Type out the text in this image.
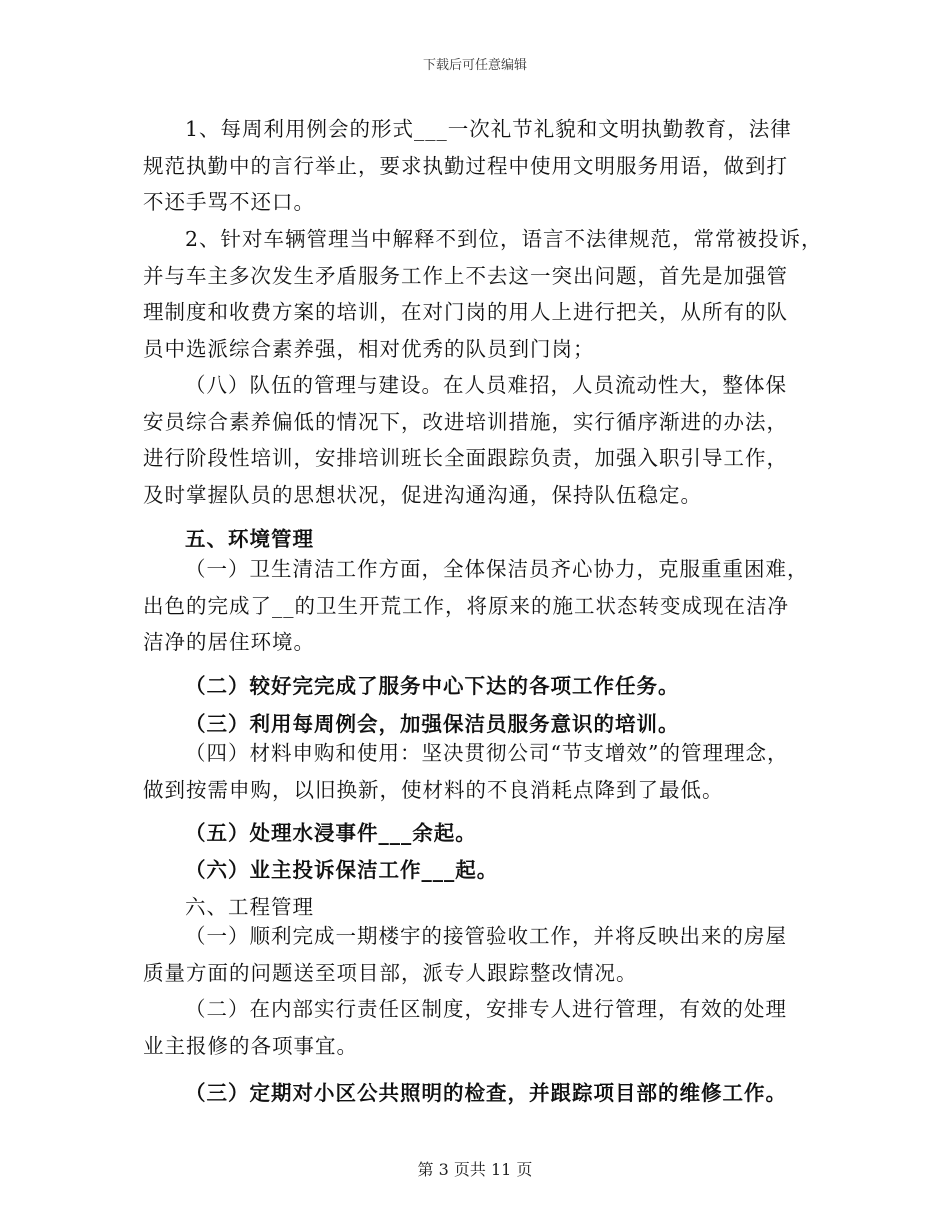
下载后可任意编辑
1、每周利用例会的形式___一次礼节礼貌和文明执勤教育，法律
规范执勤中的言行举止，要求执勤过程中使用文明服务用语，做到打
不还手骂不还口。
2、针对车辆管理当中解释不到位，语言不法律规范，常常被投诉，
并与车主多次发生矛盾服务工作上不去这一突出问题，首先是加强管
理制度和收费方案的培训，在对门岗的用人上进行把关，从所有的队
员中选派综合素养强，相对优秀的队员到门岗；
（八）队伍的管理与建设。在人员难招，人员流动性大，整体保
安员综合素养偏低的情况下，改进培训措施，实行循序渐进的办法，
进行阶段性培训，安排培训班长全面跟踪负责，加强入职引导工作，
及时掌握队员的思想状况，促进沟通沟通，保持队伍稳定。
五、环境管理
（一）卫生清洁工作方面，全体保洁员齐心协力，克服重重困难，
出色的完成了__的卫生开荒工作，将原来的施工状态转变成现在洁净
洁净的居住环境。
（二）较好完完成了服务中心下达的各项工作任务。
（三）利用每周例会，加强保洁员服务意识的培训。
（四）材料申购和使用：坚决贯彻公司“节支增效”的管理理念，
做到按需申购，以旧换新，使材料的不良消耗点降到了最低。
（五）处理水浸事件___余起。
（六）业主投诉保洁工作___起。
六、工程管理
（一）顺利完成一期楼宇的接管验收工作，并将反映出来的房屋
质量方面的问题送至项目部，派专人跟踪整改情况。
（二）在内部实行责任区制度，安排专人进行管理，有效的处理
业主报修的各项事宜。
（三）定期对小区公共照明的检查，并跟踪项目部的维修工作。
第 3 页共 11 页
